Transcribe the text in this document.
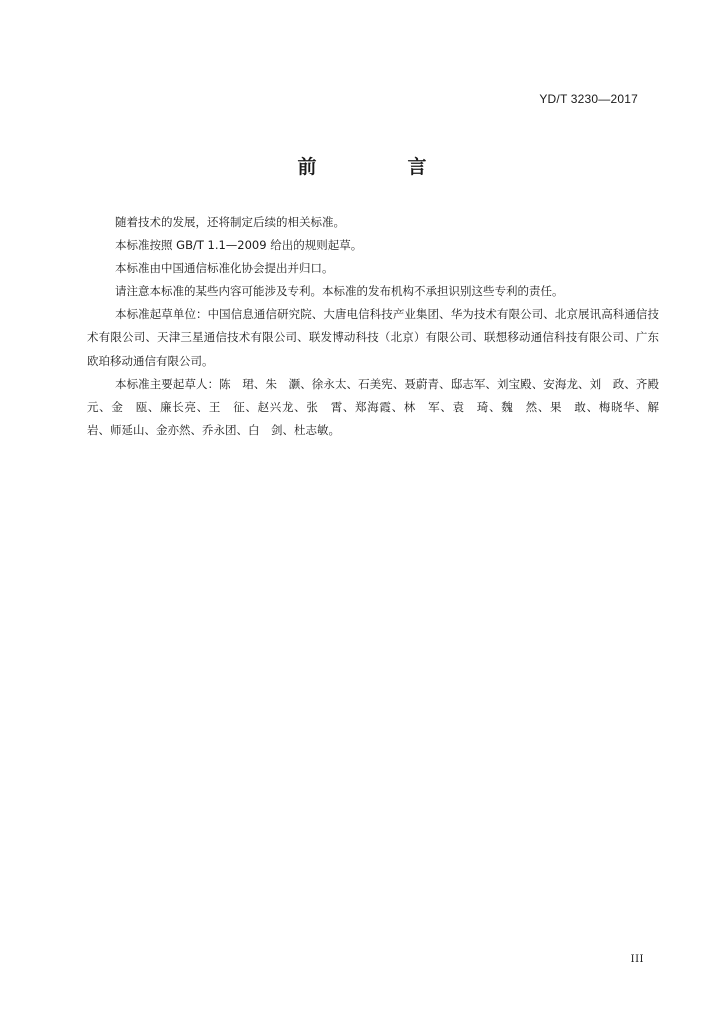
YD/T 3230—2017
前　言

随着技术的发展，还将制定后续的相关标准。

本标准按照 GB/T 1.1—2009 给出的规则起草。

本标准由中国通信标准化协会提出并归口。

请注意本标准的某些内容可能涉及专利。本标准的发布机构不承担识别这些专利的责任。

本标准起草单位：中国信息通信研究院、大唐电信科技产业集团、华为技术有限公司、北京展讯高科通信技术有限公司、天津三星通信技术有限公司、联发博动科技（北京）有限公司、联想移动通信科技有限公司、广东欧珀移动通信有限公司。

本标准主要起草人：陈　珺、朱　灏、徐永太、石美宪、聂蔚青、邸志军、刘宝殿、安海龙、刘　政、齐殿元、金　瓯、廉长亮、王　征、赵兴龙、张　霄、郑海霞、林　军、袁　琦、魏　然、果　敢、梅晓华、解　岩、师延山、金亦然、乔永团、白　剑、杜志敏。

III
